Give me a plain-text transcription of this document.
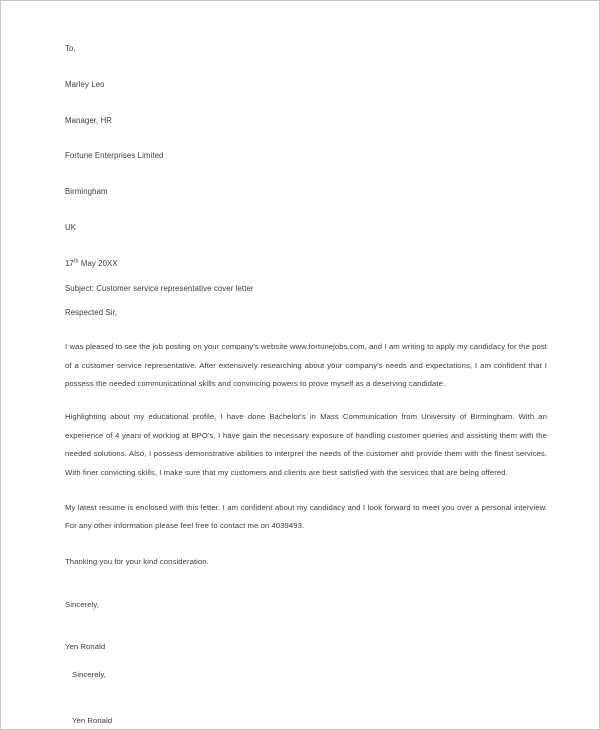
To,
Marley Leo
Manager, HR
Fortune Enterprises Limited
Birmingham
UK
17th May 20XX
Subject: Customer service representative cover letter
Respected Sir,

I was pleased to see the job posting on your company's website www.fortunejobs.com, and I am writing to apply my candidacy for the post of a customer service representative. After extensively researching about your company's needs and expectations, I am confident that I possess the needed communicational skills and convincing powers to prove myself as a deserving candidate.

Highlighting about my educational profile, I have done Bachelor's in Mass Communication from University of Birmingham. With an experience of 4 years of working at BPO's, I have gain the necessary exposure of handling customer queries and assisting them with the needed solutions. Also, I possess demonstrative abilities to interpret the needs of the customer and provide them with the finest services. With finer convicting skills, I make sure that my customers and clients are best satisfied with the services that are being offered.

My latest resume is enclosed with this letter. I am confident about my candidacy and I look forward to meet you over a personal interview. For any other information please feel free to contact me on 4039493.

Thanking you for your kind consideration.
Sincerely,
Yen Ronald
Sincerely,
Yen Ronald
